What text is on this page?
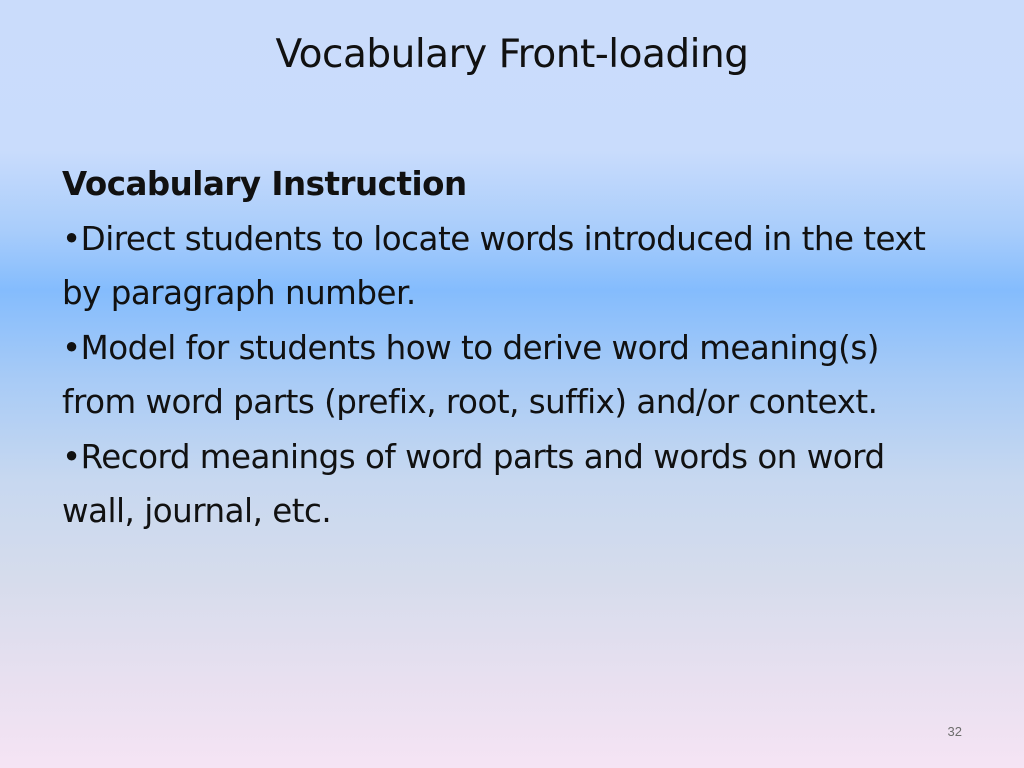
Vocabulary Front-loading
Vocabulary Instruction
•Direct students to locate words introduced in the text by paragraph number.
•Model for students how to derive word meaning(s) from word parts (prefix, root, suffix) and/or context.
•Record meanings of word parts and words on word wall, journal, etc.
32
